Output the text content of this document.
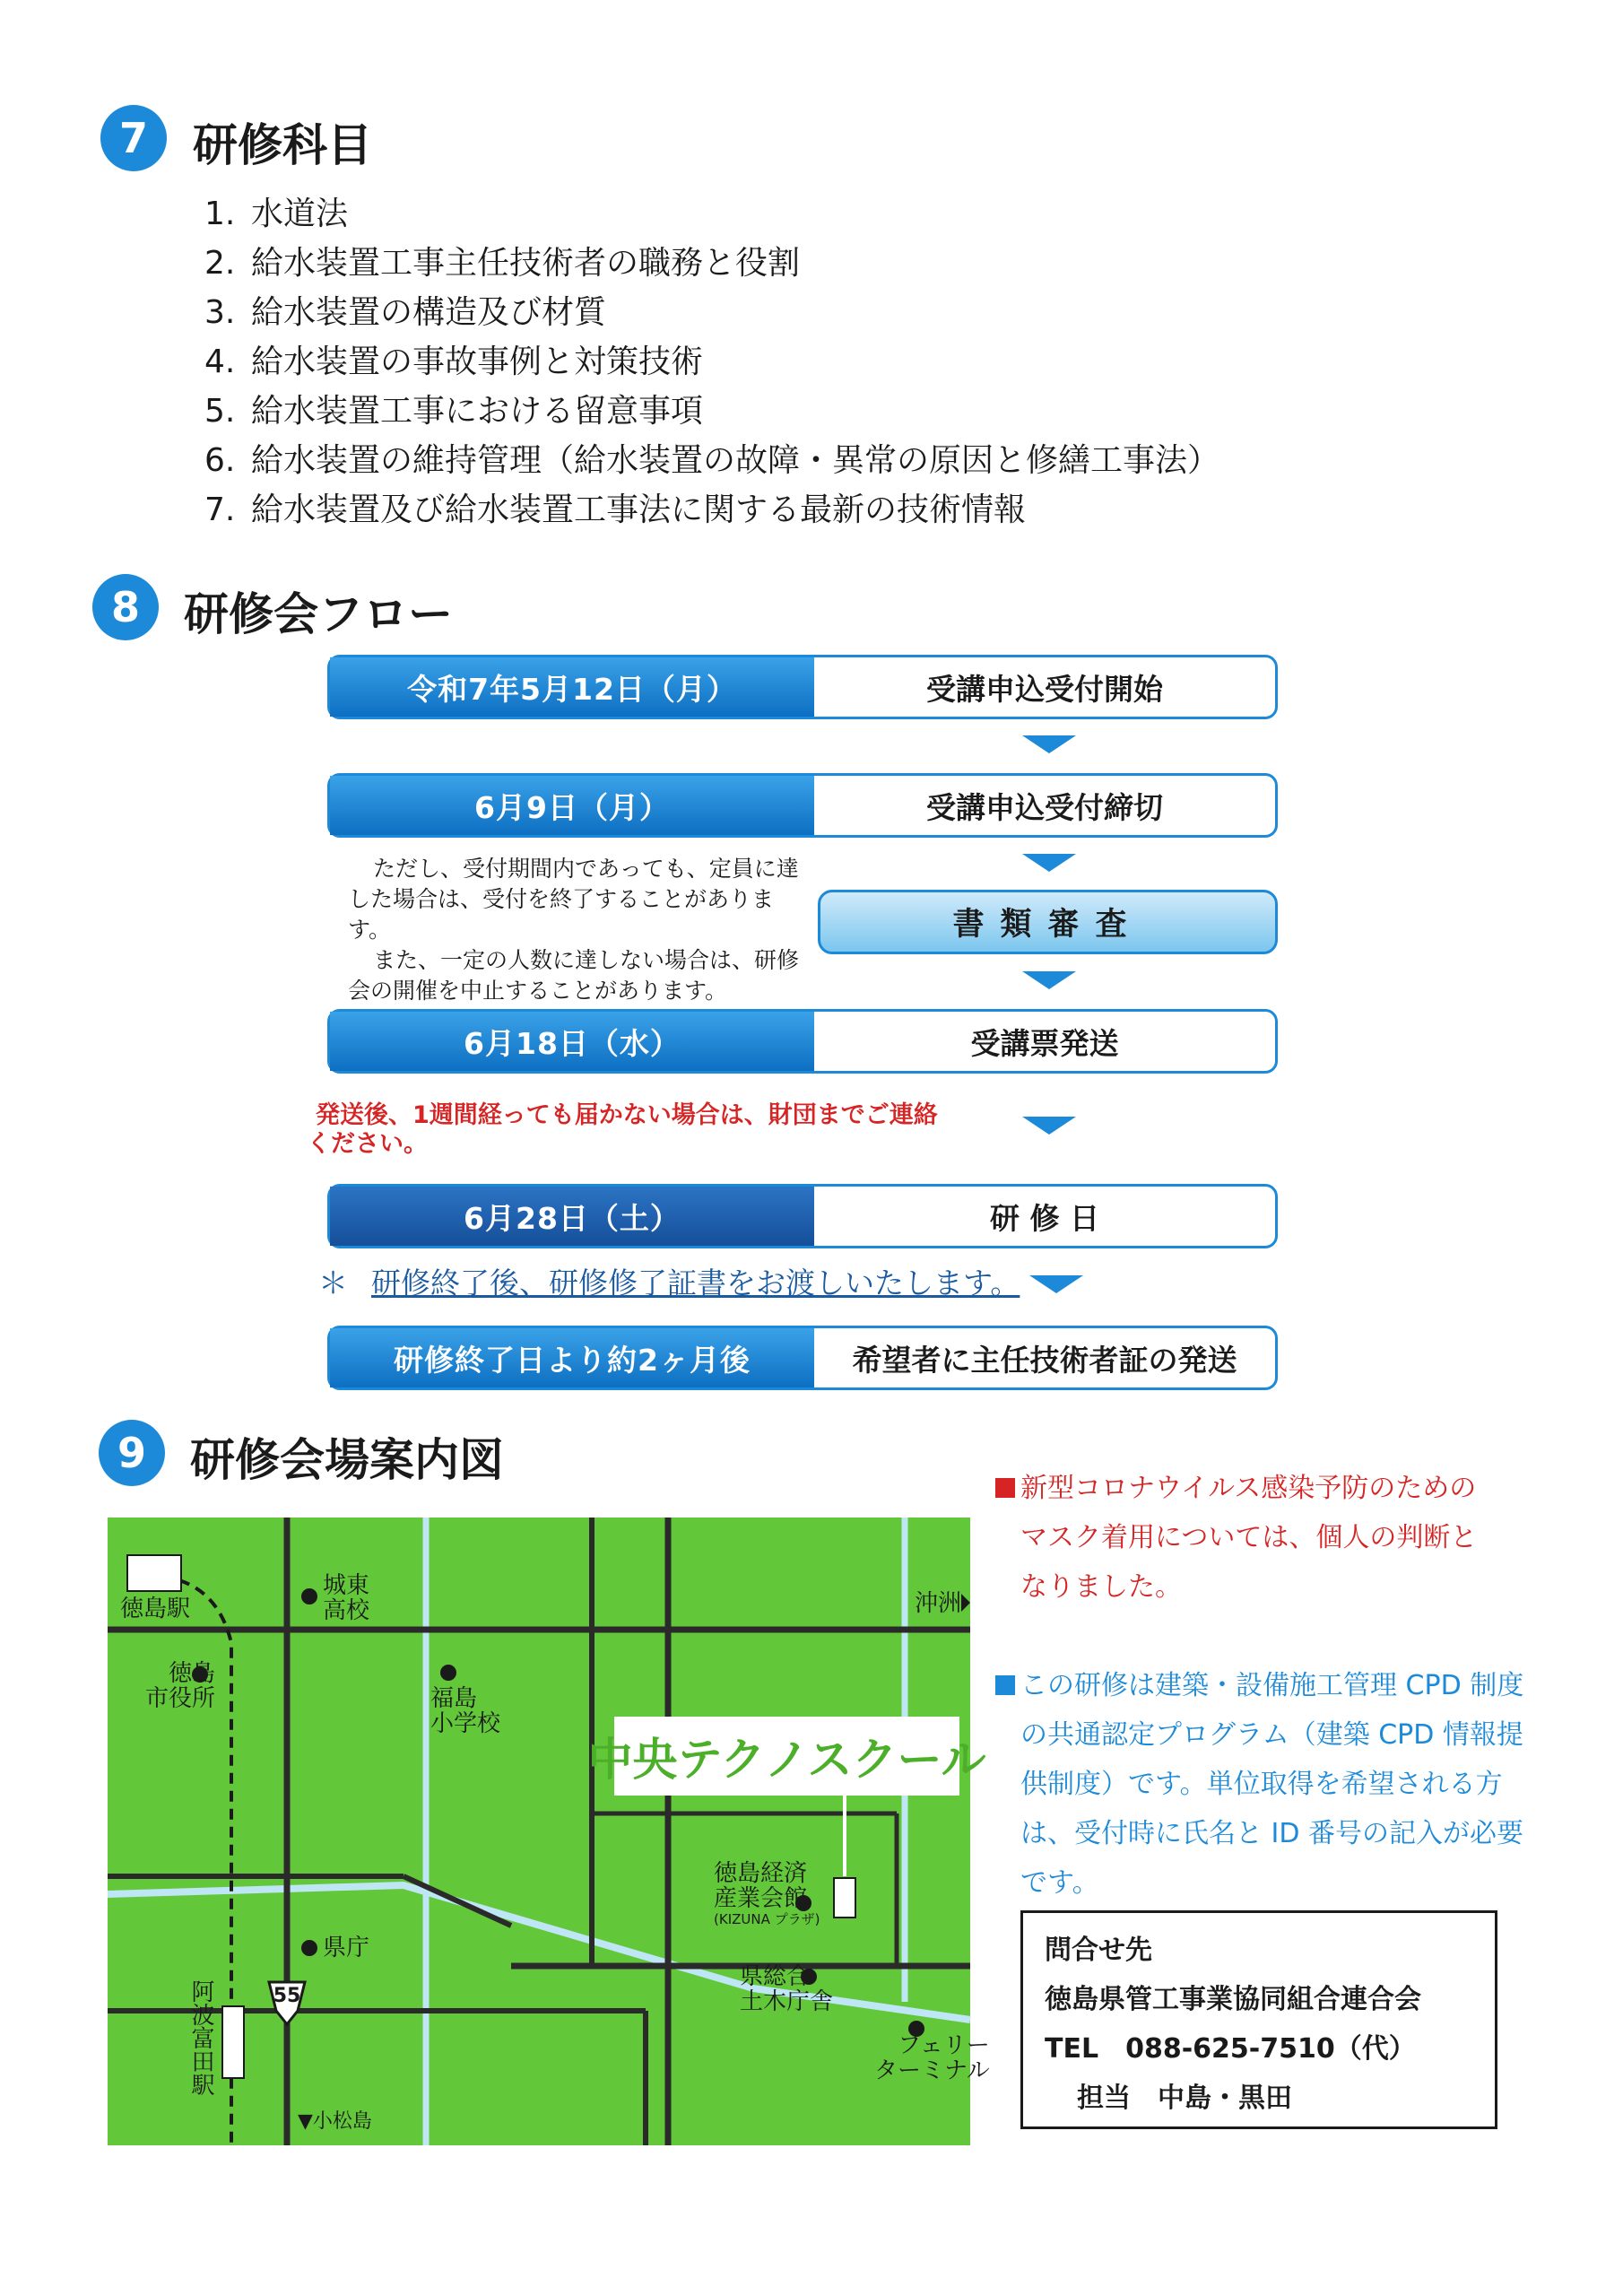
7	研修科目
1. 水道法
2. 給水装置工事主任技術者の職務と役割
3. 給水装置の構造及び材質
4. 給水装置の事故事例と対策技術
5. 給水装置工事における留意事項
6. 給水装置の維持管理（給水装置の故障・異常の原因と修繕工事法）
7. 給水装置及び給水装置工事法に関する最新の技術情報
8 研修会フロー
令和7年5月12日（月）	受講申込受付開始
6月9日（月）	受講申込受付締切
ただし、受付期間内であっても、定員に達
した場合は、受付を終了することがあります。
また、一定の人数に達しない場合は、研修
会の開催を中止することがあります。
書類審査
6月18日（水）	受講票発送
発送後、1週間経っても届かない場合は、財団までご連絡
ください。
6月28日（土）	研 修 日
＊ 研修終了後、研修修了証書をお渡しいたします。
研修終了日より約2ヶ月後	希望者に主任技術者証の発送
9 研修会場案内図
徳島駅
城東
高校	沖洲
徳島
市役所	福島
小学校
中央テクノスクール
徳島経済
産業会館
(KIZUNA プラザ)
県庁
県総合
土木庁舎
55
阿波富田駅	フェリー
ターミナル
▼小松島
新型コロナウイルス感染予防のための
マスク着用については、個人の判断と
なりました。
この研修は建築・設備施工管理 CPD 制度
の共通認定プログラム（建築 CPD 情報提
供制度）です。単位取得を希望される方
は、受付時に氏名と ID 番号の記入が必要
です。
問合せ先
徳島県管工事業協同組合連合会
TEL　088-625-7510（代）
担当　中島・黒田
